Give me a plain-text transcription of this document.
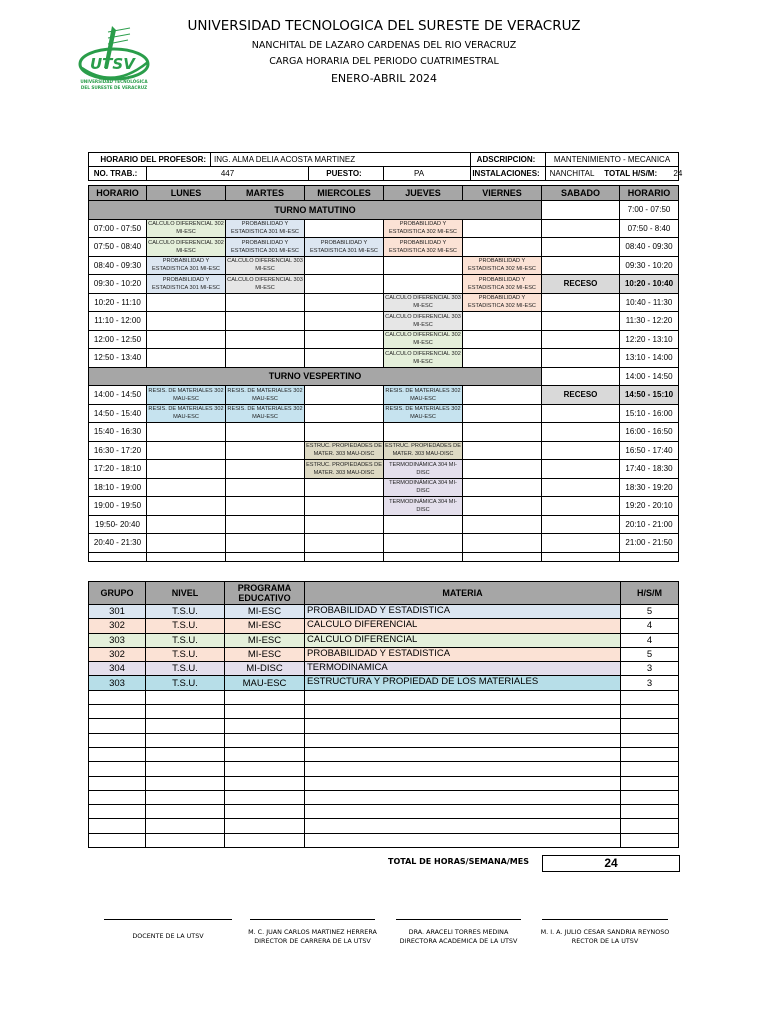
UTSV
UNIVERSIDAD TECNOLÓGICA
DEL SURESTE DE VERACRUZ
UNIVERSIDAD TECNOLOGICA DEL SURESTE DE VERACRUZ
NANCHITAL DE LAZARO CARDENAS DEL RIO VERACRUZ
CARGA HORARIA DEL PERIODO CUATRIMESTRAL
ENERO-ABRIL 2024
HORARIO DEL PROFESOR:		ING. ALMA DELIA ACOSTA MARTINEZ			ADSCRIPCION:	MANTENIMIENTO - MECANICA
NO. TRAB.:	447		PUESTO:	PA	INSTALACIONES:	NANCHITAL TOTAL H/S/M: 24
HORARIO	LUNES	MARTES	MIERCOLES	JUEVES	VIERNES	SABADO	HORARIO
TURNO MATUTINO							7:00 - 07:50
07:00 - 07:50	CALCULO DIFERENCIAL 302 MI-ESC	PROBABILIDAD Y ESTADISTICA 301 MI-ESC		PROBABILIDAD Y ESTADISTICA 302 MI-ESC			07:50 - 8:40
07:50 - 08:40	CALCULO DIFERENCIAL 302 MI-ESC	PROBABILIDAD Y ESTADISTICA 301 MI-ESC	PROBABILIDAD Y ESTADISTICA 301 MI-ESC	PROBABILIDAD Y ESTADISTICA 302 MI-ESC			08:40 - 09:30
08:40 - 09:30	PROBABILIDAD Y ESTADISTICA 301 MI-ESC	CALCULO DIFERENCIAL 303 MI-ESC			PROBABILIDAD Y ESTADISTICA 302 MI-ESC		09:30 - 10:20
09:30 - 10:20	PROBABILIDAD Y ESTADISTICA 301 MI-ESC	CALCULO DIFERENCIAL 303 MI-ESC			PROBABILIDAD Y ESTADISTICA 302 MI-ESC	RECESO	10:20 - 10:40
10:20 - 11:10				CALCULO DIFERENCIAL 303 MI-ESC	PROBABILIDAD Y ESTADISTICA 302 MI-ESC		10:40 - 11:30
11:10 - 12:00				CALCULO DIFERENCIAL 303 MI-ESC			11:30 - 12:20
12:00 - 12:50				CALCULO DIFERENCIAL 302 MI-ESC			12:20 - 13:10
12:50 - 13:40				CALCULO DIFERENCIAL 302 MI-ESC			13:10 - 14:00
TURNO VESPERTINO							14:00 - 14:50
14:00 - 14:50	RESIS. DE MATERIALES 302 MAU-ESC	RESIS. DE MATERIALES 302 MAU-ESC		RESIS. DE MATERIALES 302 MAU-ESC		RECESO	14:50 - 15:10
14:50 - 15:40	RESIS. DE MATERIALES 302 MAU-ESC	RESIS. DE MATERIALES 302 MAU-ESC		RESIS. DE MATERIALES 302 MAU-ESC			15:10 - 16:00
15:40 - 16:30							16:00 - 16:50
16:30 - 17:20			ESTRUC. PROPIEDADES DE MATER. 303 MAU-DISC	ESTRUC. PROPIEDADES DE MATER. 303 MAU-DISC			16:50 - 17:40
17:20 - 18:10			ESTRUC. PROPIEDADES DE MATER. 303 MAU-DISC	TERMODINÁMICA 304 MI-DISC			17:40 - 18:30
18:10 - 19:00				TERMODINÁMICA 304 MI-DISC			18:30 - 19:20
19:00 - 19:50				TERMODINÁMICA 304 MI-DISC			19:20 - 20:10
19:50- 20:40							20:10 - 21:00
20:40 - 21:30							21:00 - 21:50

GRUPO	NIVEL	PROGRAMA EDUCATIVO	MATERIA	H/S/M
301	T.S.U.	MI-ESC	PROBABILIDAD Y ESTADISTICA	5
302	T.S.U.	MI-ESC	CALCULO DIFERENCIAL	4
303	T.S.U.	MI-ESC	CALCULO DIFERENCIAL	4
302	T.S.U.	MI-ESC	PROBABILIDAD Y ESTADISTICA	5
304	T.S.U.	MI-DISC	TERMODINAMICA	3
303	T.S.U.	MAU-ESC	ESTRUCTURA Y PROPIEDAD DE LOS MATERIALES	3

TOTAL DE HORAS/SEMANA/MES	24
DOCENTE DE LA UTSV	M. C. JUAN CARLOS MARTINEZ HERRERA
DIRECTOR DE CARRERA DE LA UTSV
DRA. ARACELI TORRES MEDINA
DIRECTORA ACADEMICA DE LA UTSV
M. I. A. JULIO CESAR SANDRIA REYNOSO
RECTOR DE LA UTSV
